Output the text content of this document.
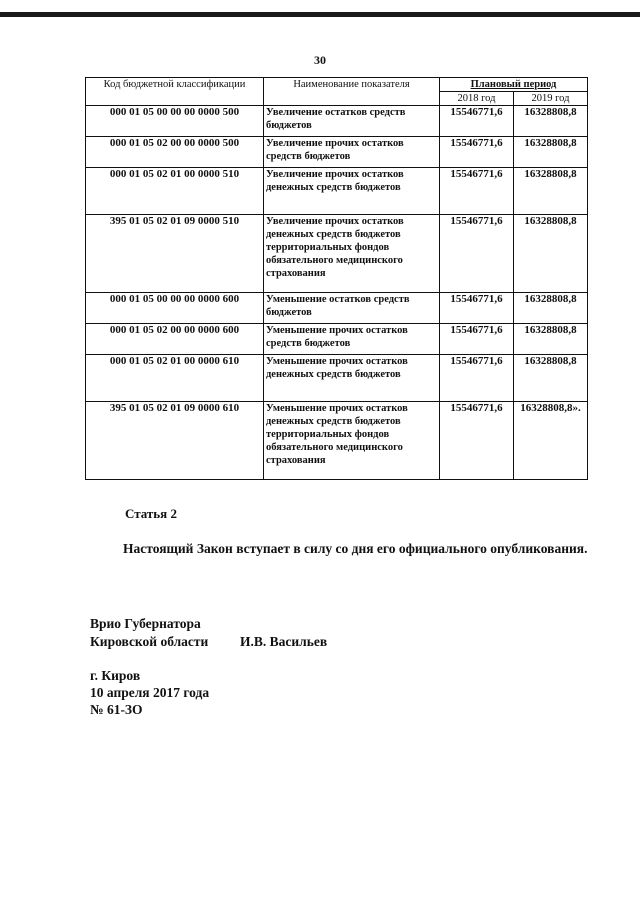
30
Код бюджетной классификации	Наименование показателя	Плановый период	
		2018 год	2019 год
000 01 05 00 00 00 0000 500	Увеличение остатков средств бюджетов	15546771,6	16328808,8
000 01 05 02 00 00 0000 500	Увеличение прочих остатков средств бюджетов	15546771,6	16328808,8
000 01 05 02 01 00 0000 510	Увеличение прочих остатков денежных средств бюджетов	15546771,6	16328808,8
395 01 05 02 01 09 0000 510	Увеличение прочих остатков денежных средств бюджетов территориальных фондов обязательного медицинского страхования	15546771,6	16328808,8
000 01 05 00 00 00 0000 600	Уменьшение остатков средств бюджетов	15546771,6	16328808,8
000 01 05 02 00 00 0000 600	Уменьшение прочих остатков средств бюджетов	15546771,6	16328808,8
000 01 05 02 01 00 0000 610	Уменьшение прочих остатков денежных средств бюджетов	15546771,6	16328808,8
395 01 05 02 01 09 0000 610	Уменьшение прочих остатков денежных средств бюджетов территориальных фондов обязательного медицинского страхования	15546771,6	16328808,8».
Статья 2
Настоящий Закон вступает в силу со дня его официального опубликования.
Врио Губернатора
Кировской области И.В. Васильев
г. Киров
10 апреля 2017 года
№ 61-ЗО
